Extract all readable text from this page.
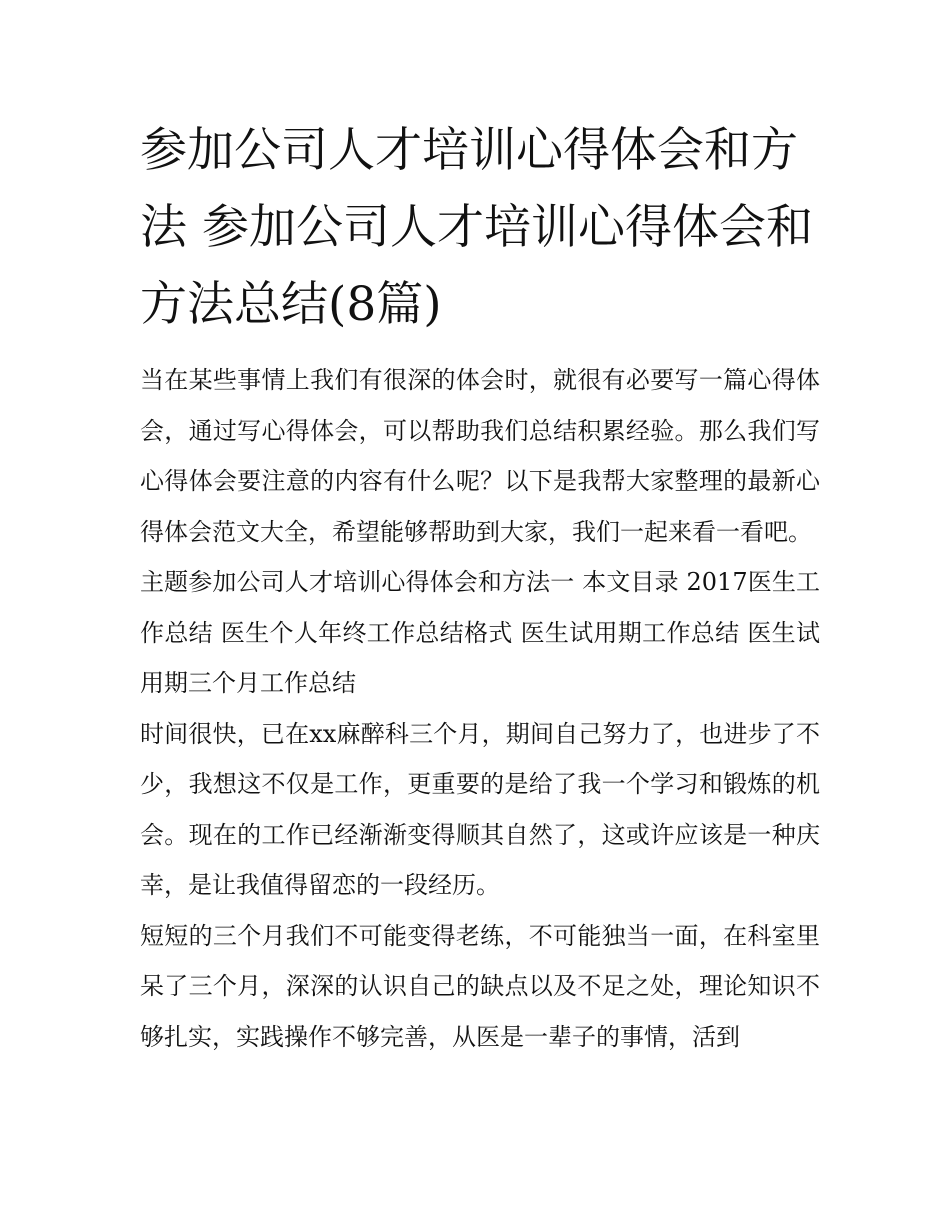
参加公司人才培训心得体会和方法 参加公司人才培训心得体会和方法总结(8篇)

当在某些事情上我们有很深的体会时，就很有必要写一篇心得体会，通过写心得体会，可以帮助我们总结积累经验。那么我们写心得体会要注意的内容有什么呢？以下是我帮大家整理的最新心得体会范文大全，希望能够帮助到大家，我们一起来看一看吧。

主题参加公司人才培训心得体会和方法一 本文目录 2017医生工作总结 医生个人年终工作总结格式 医生试用期工作总结 医生试用期三个月工作总结

时间很快，已在xx麻醉科三个月，期间自己努力了，也进步了不少，我想这不仅是工作，更重要的是给了我一个学习和锻炼的机会。现在的工作已经渐渐变得顺其自然了，这或许应该是一种庆幸，是让我值得留恋的一段经历。

短短的三个月我们不可能变得老练，不可能独当一面，在科室里呆了三个月，深深的认识自己的缺点以及不足之处，理论知识不够扎实，实践操作不够完善，从医是一辈子的事情，活到
